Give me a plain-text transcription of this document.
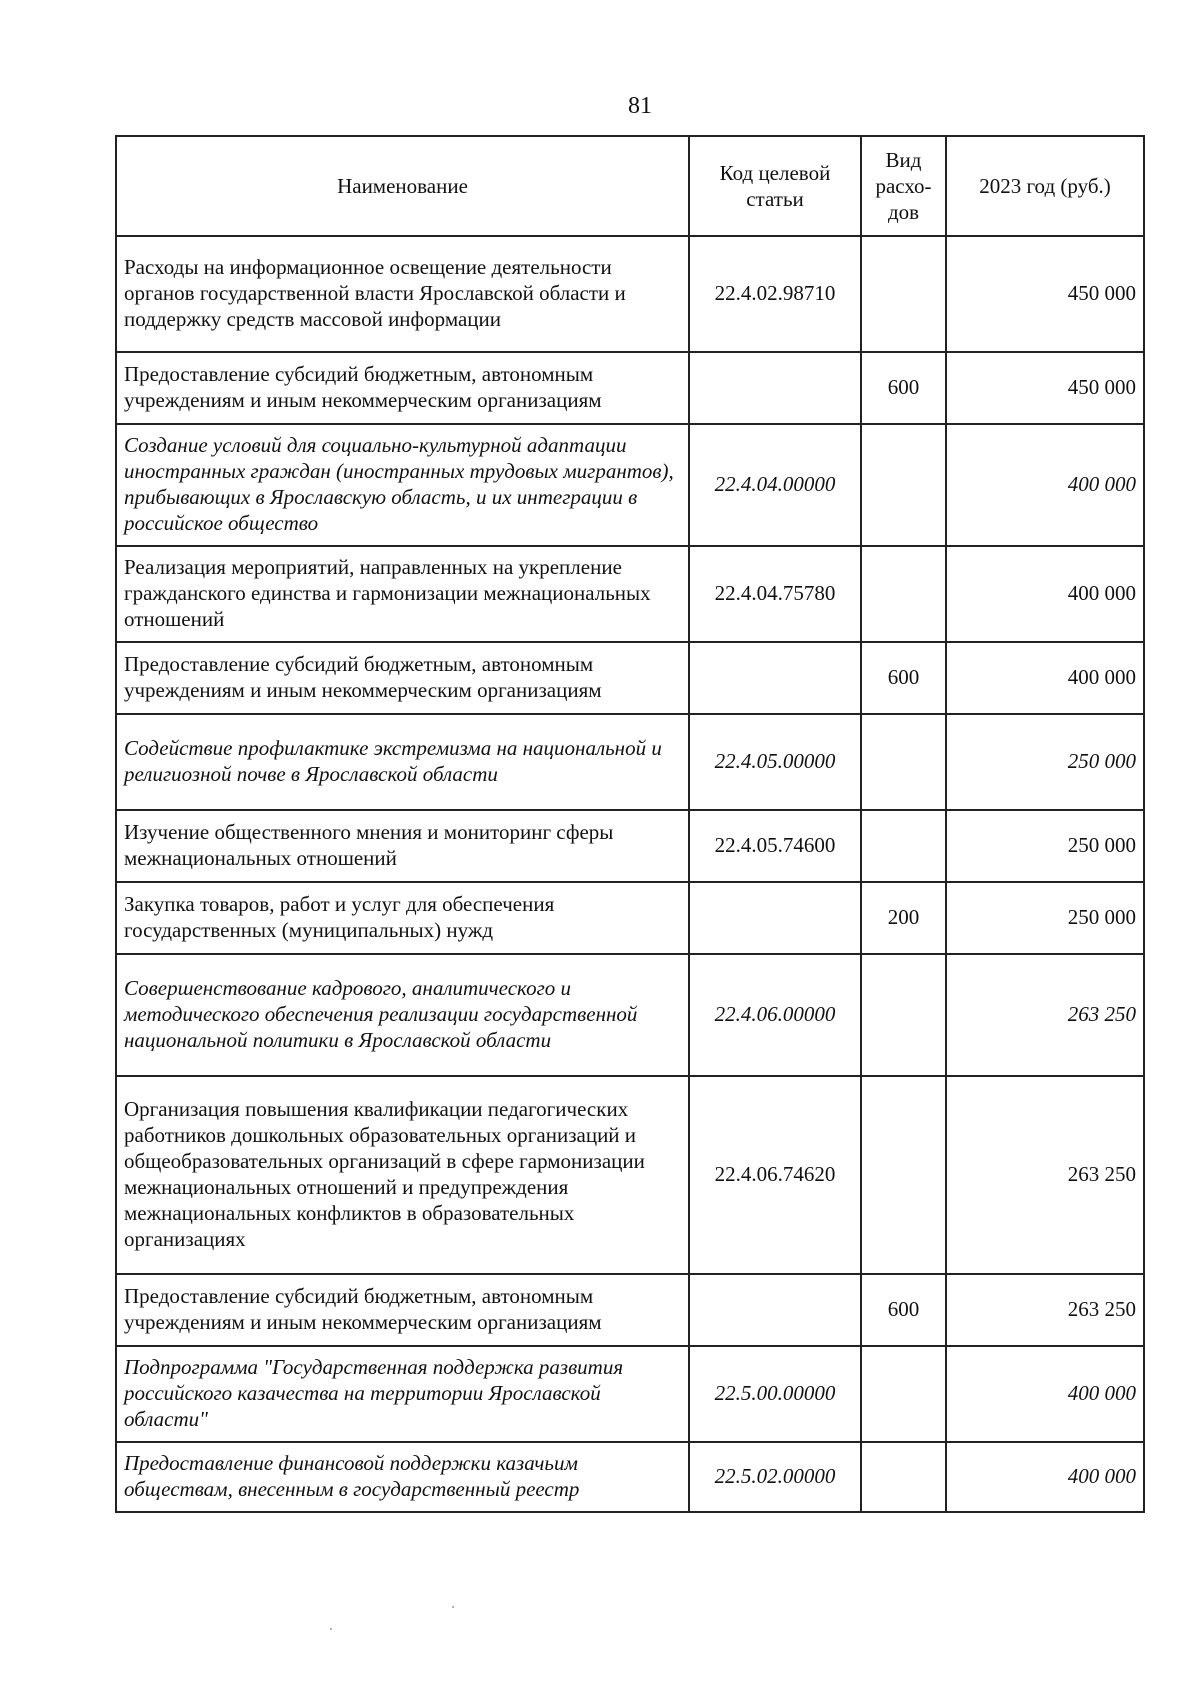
81
Наименование	Код целевой статьи	Вид расхо-дов	2023 год (руб.)
Расходы на информационное освещение деятельности органов государственной власти Ярославской области и поддержку средств массовой информации	22.4.02.98710		450 000
Предоставление субсидий бюджетным, автономным учреждениям и иным некоммерческим организациям		600	450 000
Создание условий для социально-культурной адаптации иностранных граждан (иностранных трудовых мигрантов), прибывающих в Ярославскую область, и их интеграции в российское общество	22.4.04.00000		400 000
Реализация мероприятий, направленных на укрепление гражданского единства и гармонизации межнациональных отношений	22.4.04.75780		400 000
Предоставление субсидий бюджетным, автономным учреждениям и иным некоммерческим организациям		600	400 000
Содействие профилактике экстремизма на национальной и религиозной почве в Ярославской области	22.4.05.00000		250 000
Изучение общественного мнения и мониторинг сферы межнациональных отношений	22.4.05.74600		250 000
Закупка товаров, работ и услуг для обеспечения государственных (муниципальных) нужд		200	250 000
Совершенствование кадрового, аналитического и методического обеспечения реализации государственной национальной политики в Ярославской области	22.4.06.00000		263 250
Организация повышения квалификации педагогических работников дошкольных образовательных организаций и общеобразовательных организаций в сфере гармонизации межнациональных отношений и предупреждения межнациональных конфликтов в образовательных организациях	22.4.06.74620		263 250
Предоставление субсидий бюджетным, автономным учреждениям и иным некоммерческим организациям		600	263 250
Подпрограмма "Государственная поддержка развития российского казачества на территории Ярославской области"	22.5.00.00000		400 000
Предоставление финансовой поддержки казачьим обществам, внесенным в государственный реестр	22.5.02.00000		400 000
